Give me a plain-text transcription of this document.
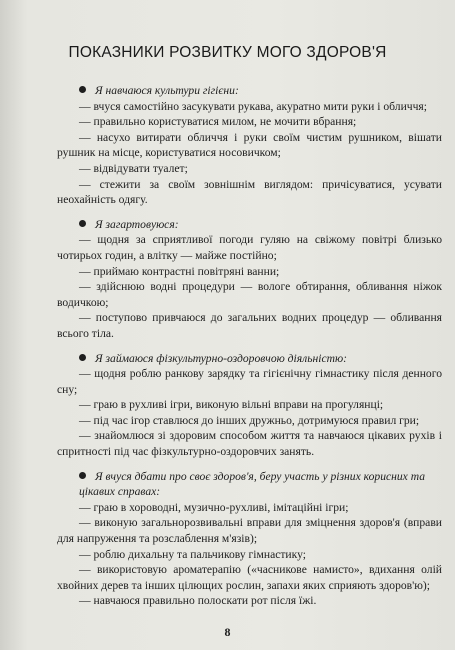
ПОКАЗНИКИ РОЗВИТКУ МОГО ЗДОРОВ'Я
Я навчаюся культури гігієни:
— вчуся самостійно засукувати рукава, акуратно мити руки і обличчя;
— правильно користуватися милом, не мочити вбрання;
— насухо витирати обличчя і руки своїм чистим рушником, вішати рушник на місце, користуватися носовичком;
— відвідувати туалет;
— стежити за своїм зовнішнім виглядом: причісуватися, усувати неохайність одягу.
Я загартовуюся:
— щодня за сприятливої погоди гуляю на свіжому повітрі близько чотирьох годин, а влітку — майже постійно;
— приймаю контрастні повітряні ванни;
— здійснюю водні процедури — вологе обтирання, обливання ніжок водичкою;
— поступово привчаюся до загальних водних процедур — обливання всього тіла.
Я займаюся фізкультурно-оздоровчою діяльністю:
— щодня роблю ранкову зарядку та гігієнічну гімнастику після денного сну;
— граю в рухливі ігри, виконую вільні вправи на прогулянці;
— під час ігор ставлюся до інших дружньо, дотримуюся правил гри;
— знайомлюся зі здоровим способом життя та навчаюся цікавих рухів і спритності під час фізкультурно-оздоровчих занять.
Я вчуся дбати про своє здоров'я, беру участь у різних корисних та цікавих справах:
— граю в хороводні, музично-рухливі, імітаційні ігри;
— виконую загальнорозвивальні вправи для зміцнення здоров'я (вправи для напруження та розслаблення м'язів);
— роблю дихальну та пальчикову гімнастику;
— використовую ароматерапію («часникове намисто», вдихання олій хвойних дерев та інших цілющих рослин, запахи яких сприяють здоров'ю);
— навчаюся правильно полоскати рот після їжі.
8
